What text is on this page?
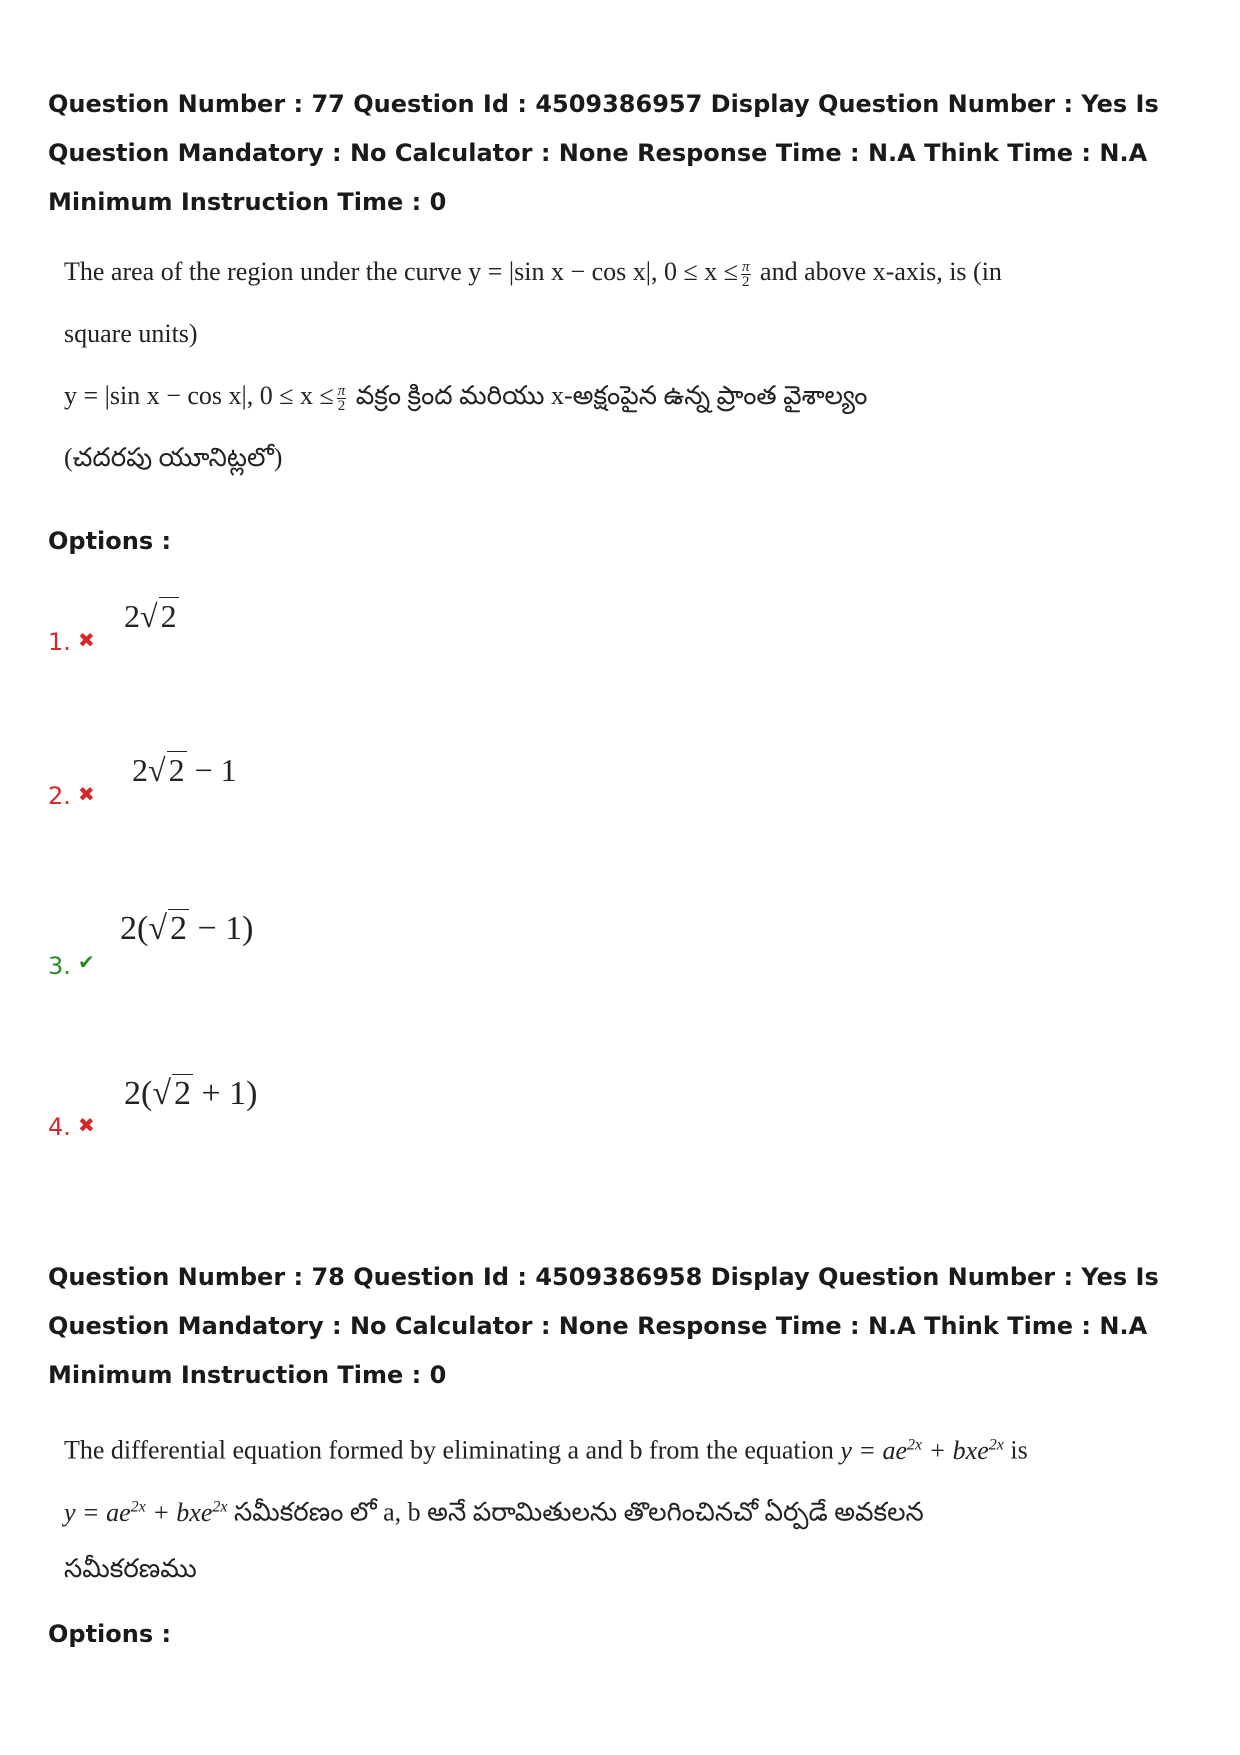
Question Number : 77 Question Id : 4509386957 Display Question Number : Yes Is Question Mandatory : No Calculator : None Response Time : N.A Think Time : N.A Minimum Instruction Time : 0

The area of the region under the curve y = |sin x − cos x|, $0 \le x \le \frac{\pi}{2}$ and above x-axis, is (in
square units)
y = |sin x − cos x|, $0 \le x \le \frac{\pi}{2}$ వక్రం క్రింద మరియు x-అక్షంపైన ఉన్న ప్రాంత వైశాల్యం
(చదరపు యూనిట్లలో)
Options :
1. ✖
2√2
2. ✖
2√2 − 1
3. ✔
2(√2 − 1)
4. ✖
2(√2 + 1)

Question Number : 78 Question Id : 4509386958 Display Question Number : Yes Is Question Mandatory : No Calculator : None Response Time : N.A Think Time : N.A Minimum Instruction Time : 0

The differential equation formed by eliminating a and b from the equation $y = ae^{2x} + bxe^{2x}$ is
$y = ae^{2x} + bxe^{2x}$ సమీకరణం లో a, b అనే పరామితులను తొలగించినచో ఏర్పడే అవకలన
సమీకరణము
Options :
